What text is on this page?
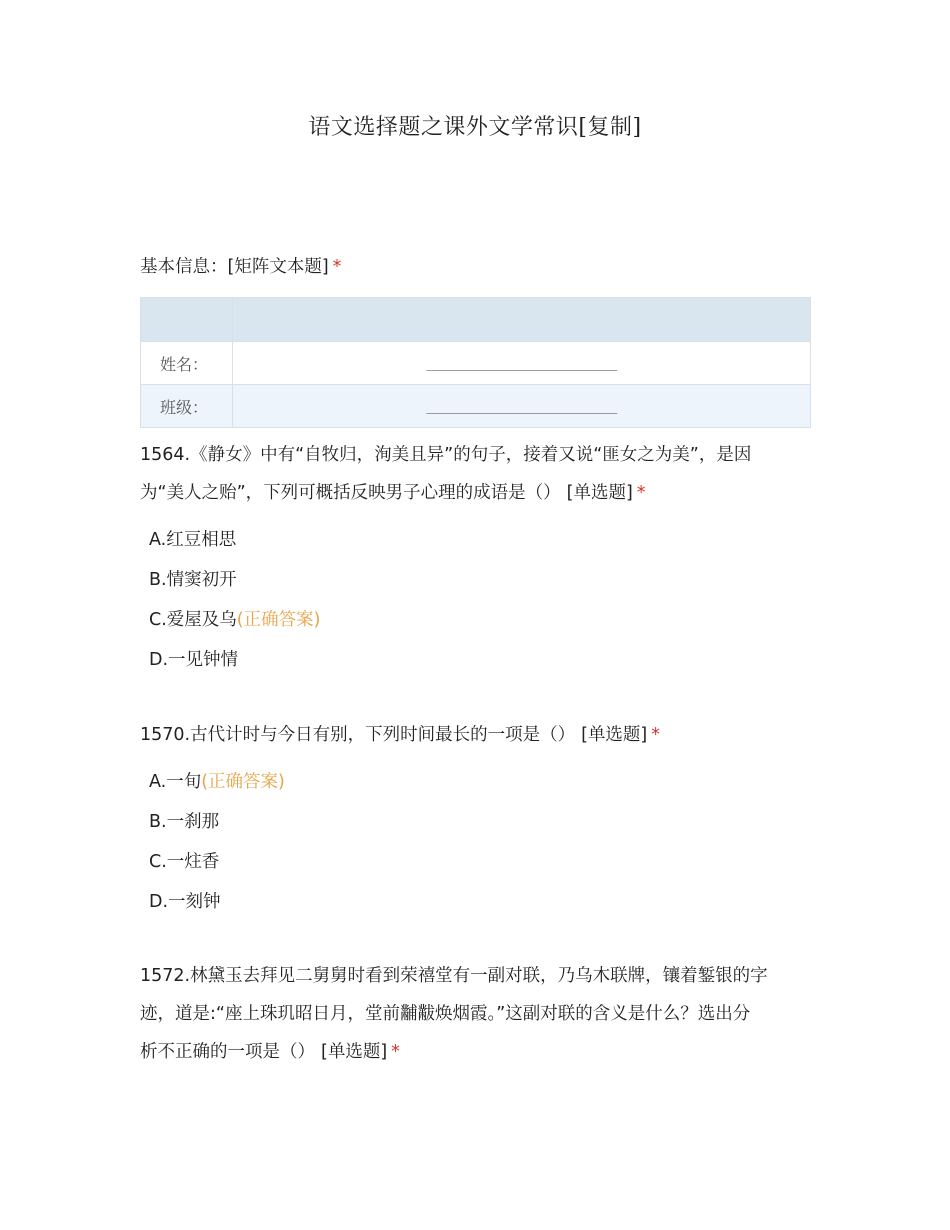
语文选择题之课外文学常识[复制]
基本信息：[矩阵文本题] *

姓名：	________________________
班级：	________________________
1564.《静女》中有“自牧归，洵美且异”的句子，接着又说“匪女之为美”，是因
为“美人之贻”，下列可概括反映男子心理的成语是（） [单选题] *
A.红豆相思
B.情窦初开
C.爱屋及乌(正确答案)
D.一见钟情
1570.古代计时与今日有别，下列时间最长的一项是（） [单选题] *
A.一旬(正确答案)
B.一刹那
C.一炷香
D.一刻钟
1572.林黛玉去拜见二舅舅时看到荣禧堂有一副对联，乃乌木联牌，镶着錾银的字
迹，道是:“座上珠玑昭日月，堂前黼黻焕烟霞。”这副对联的含义是什么？选出分
析不正确的一项是（） [单选题] *
